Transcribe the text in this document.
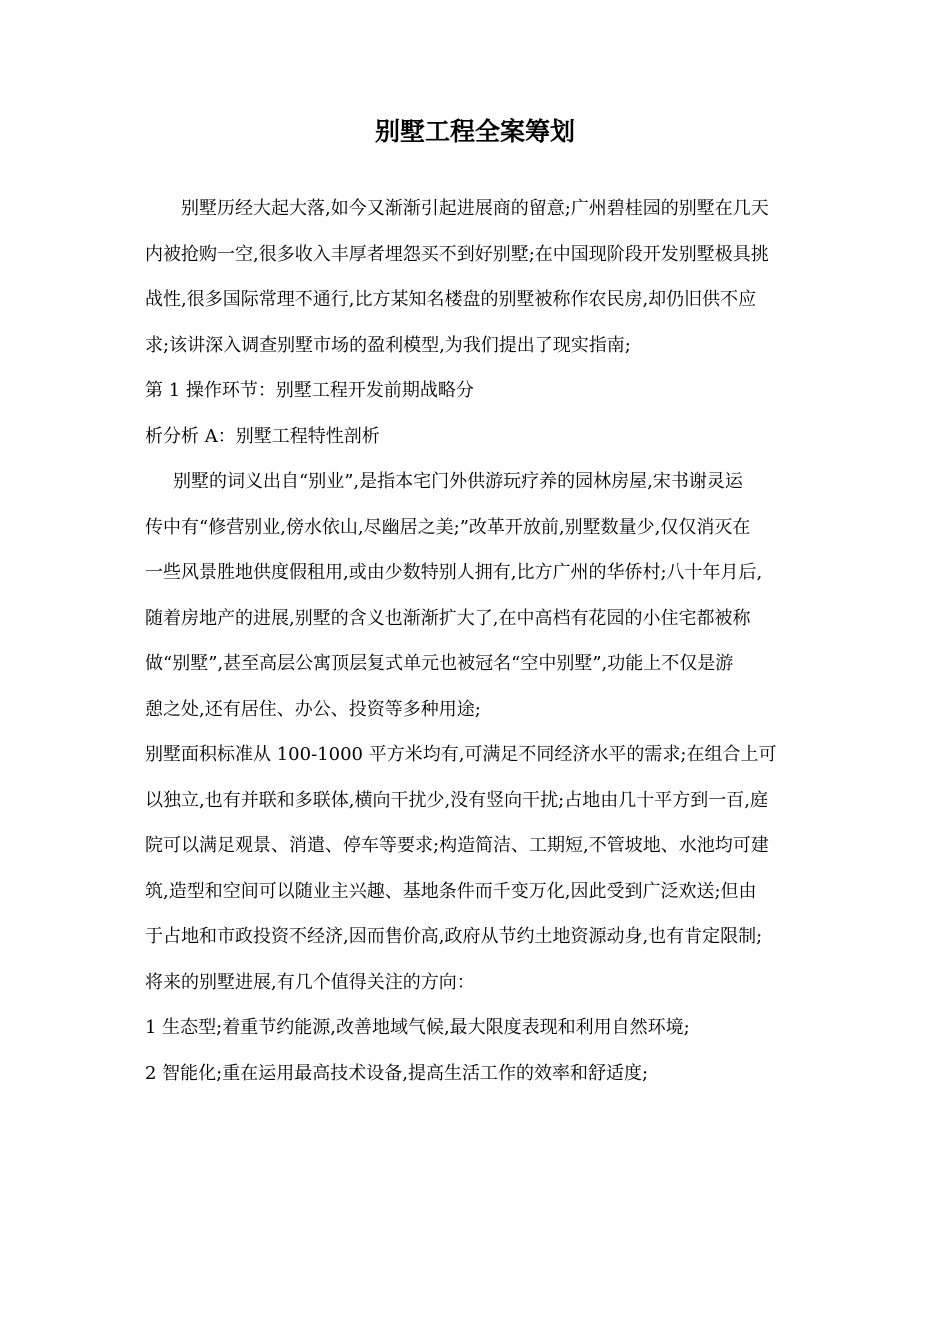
别墅工程全案筹划
别墅历经大起大落,如今又渐渐引起进展商的留意;广州碧桂园的别墅在几天
内被抢购一空,很多收入丰厚者埋怨买不到好别墅;在中国现阶段开发别墅极具挑
战性,很多国际常理不通行,比方某知名楼盘的别墅被称作农民房,却仍旧供不应
求;该讲深入调查别墅市场的盈利模型,为我们提出了现实指南;
第 1 操作环节：别墅工程开发前期战略分
析分析 A：别墅工程特性剖析
别墅的词义出自“别业”,是指本宅门外供游玩疗养的园林房屋,宋书谢灵运
传中有“修营别业,傍水依山,尽幽居之美;”改革开放前,别墅数量少,仅仅消灭在
一些风景胜地供度假租用,或由少数特别人拥有,比方广州的华侨村;八十年月后,
随着房地产的进展,别墅的含义也渐渐扩大了,在中高档有花园的小住宅都被称
做“别墅”,甚至高层公寓顶层复式单元也被冠名“空中别墅”,功能上不仅是游
憩之处,还有居住、办公、投资等多种用途;
别墅面积标准从 100-1000 平方米均有,可满足不同经济水平的需求;在组合上可
以独立,也有并联和多联体,横向干扰少,没有竖向干扰;占地由几十平方到一百,庭
院可以满足观景、消遣、停车等要求;构造简洁、工期短,不管坡地、水池均可建
筑,造型和空间可以随业主兴趣、基地条件而千变万化,因此受到广泛欢送;但由
于占地和市政投资不经济,因而售价高,政府从节约土地资源动身,也有肯定限制;
将来的别墅进展,有几个值得关注的方向：
1 生态型;着重节约能源,改善地域气候,最大限度表现和利用自然环境;
2 智能化;重在运用最高技术设备,提高生活工作的效率和舒适度;
